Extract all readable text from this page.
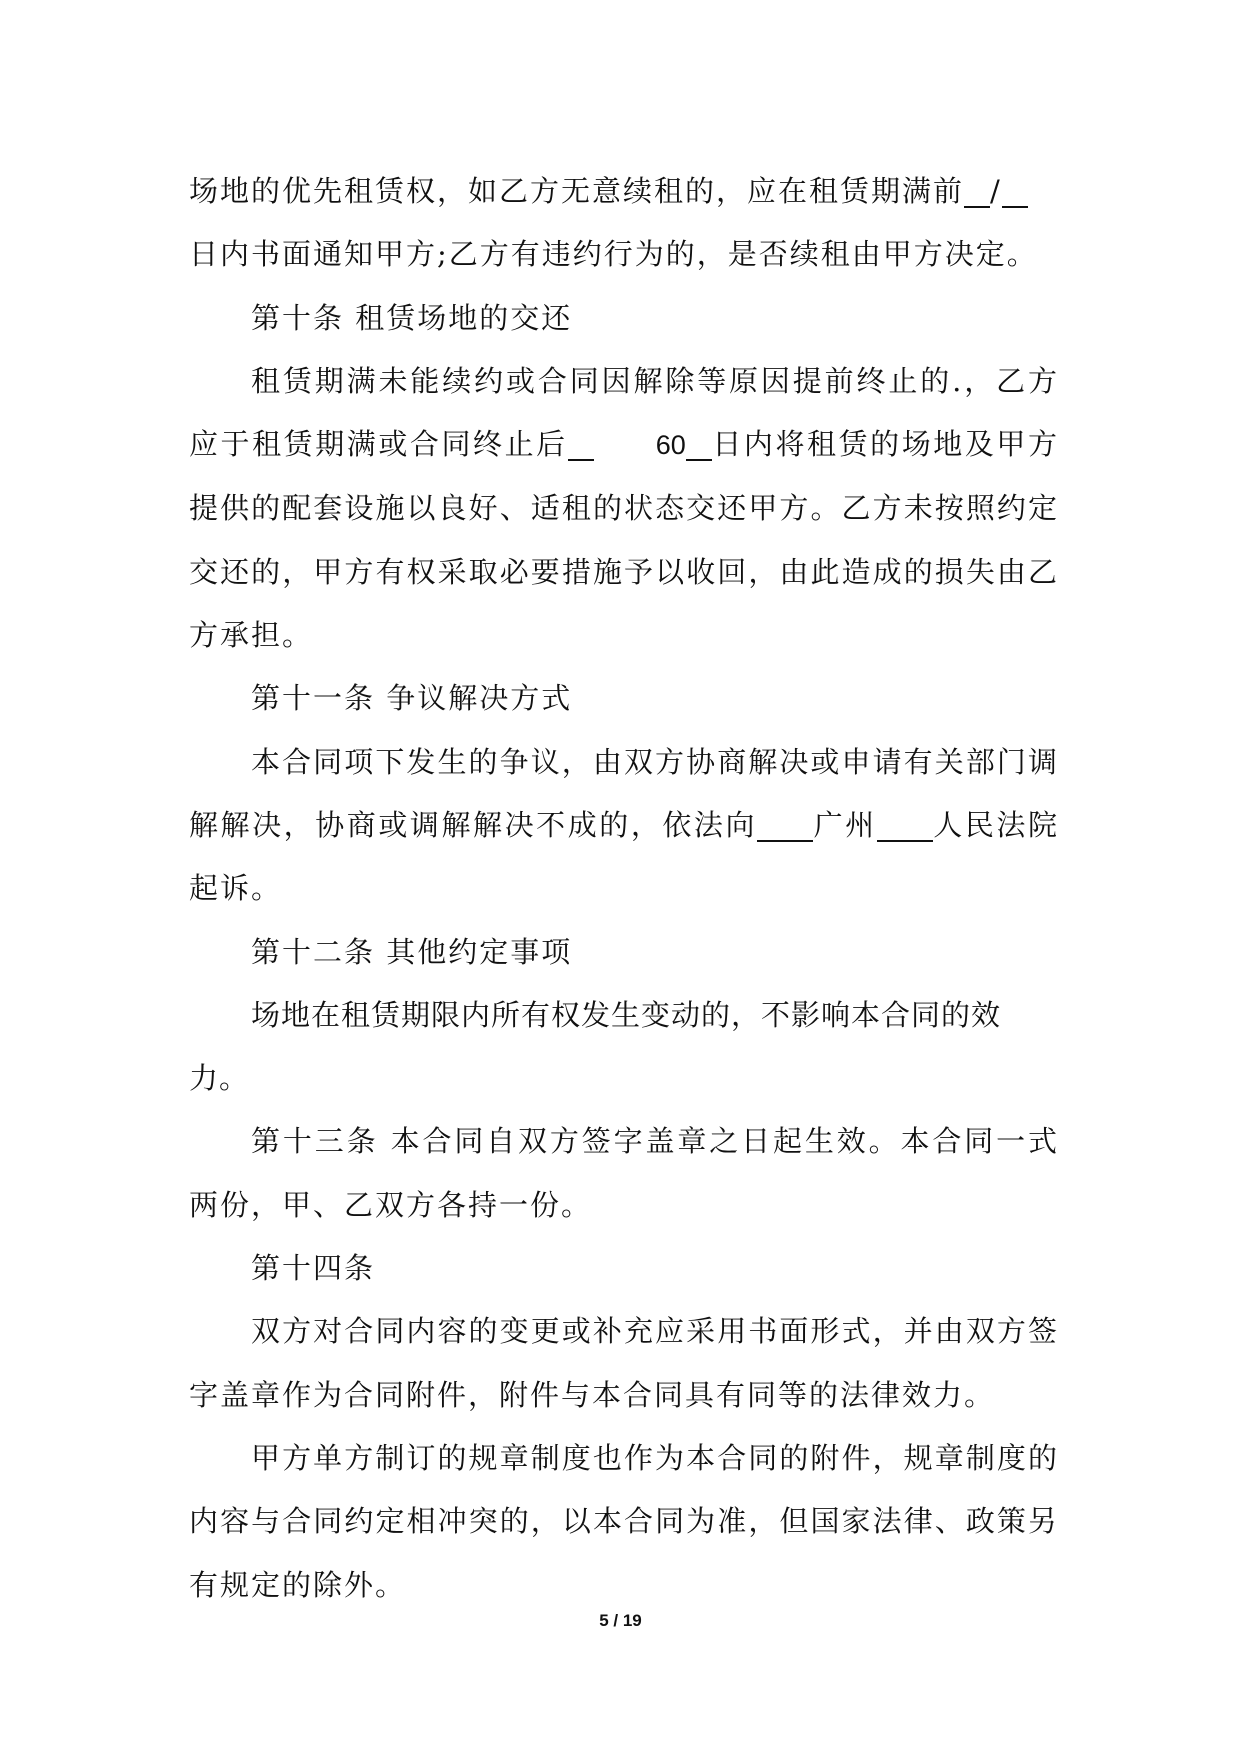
场地的优先租赁权，如乙方无意续租的，应在租赁期满前 /

日内书面通知甲方;乙方有违约行为的，是否续租由甲方决定。

第十条 租赁场地的交还

租赁期满未能续约或合同因解除等原因提前终止的.，乙方应于租赁期满或合同终止后	60 日内将租赁的场地及甲方提供的配套设施以良好、适租的状态交还甲方。乙方未按照约定交还的，甲方有权采取必要措施予以收回，由此造成的损失由乙方承担。

第十一条 争议解决方式

本合同项下发生的争议，由双方协商解决或申请有关部门调解解决，协商或调解解决不成的，依法向 广州 人民法院起诉。

第十二条 其他约定事项

场地在租赁期限内所有权发生变动的，不影响本合同的效力。

第十三条 本合同自双方签字盖章之日起生效。本合同一式两份，甲、乙双方各持一份。

第十四条

双方对合同内容的变更或补充应采用书面形式，并由双方签字盖章作为合同附件，附件与本合同具有同等的法律效力。

甲方单方制订的规章制度也作为本合同的附件，规章制度的内容与合同约定相冲突的，以本合同为准，但国家法律、政策另有规定的除外。

5 / 19
